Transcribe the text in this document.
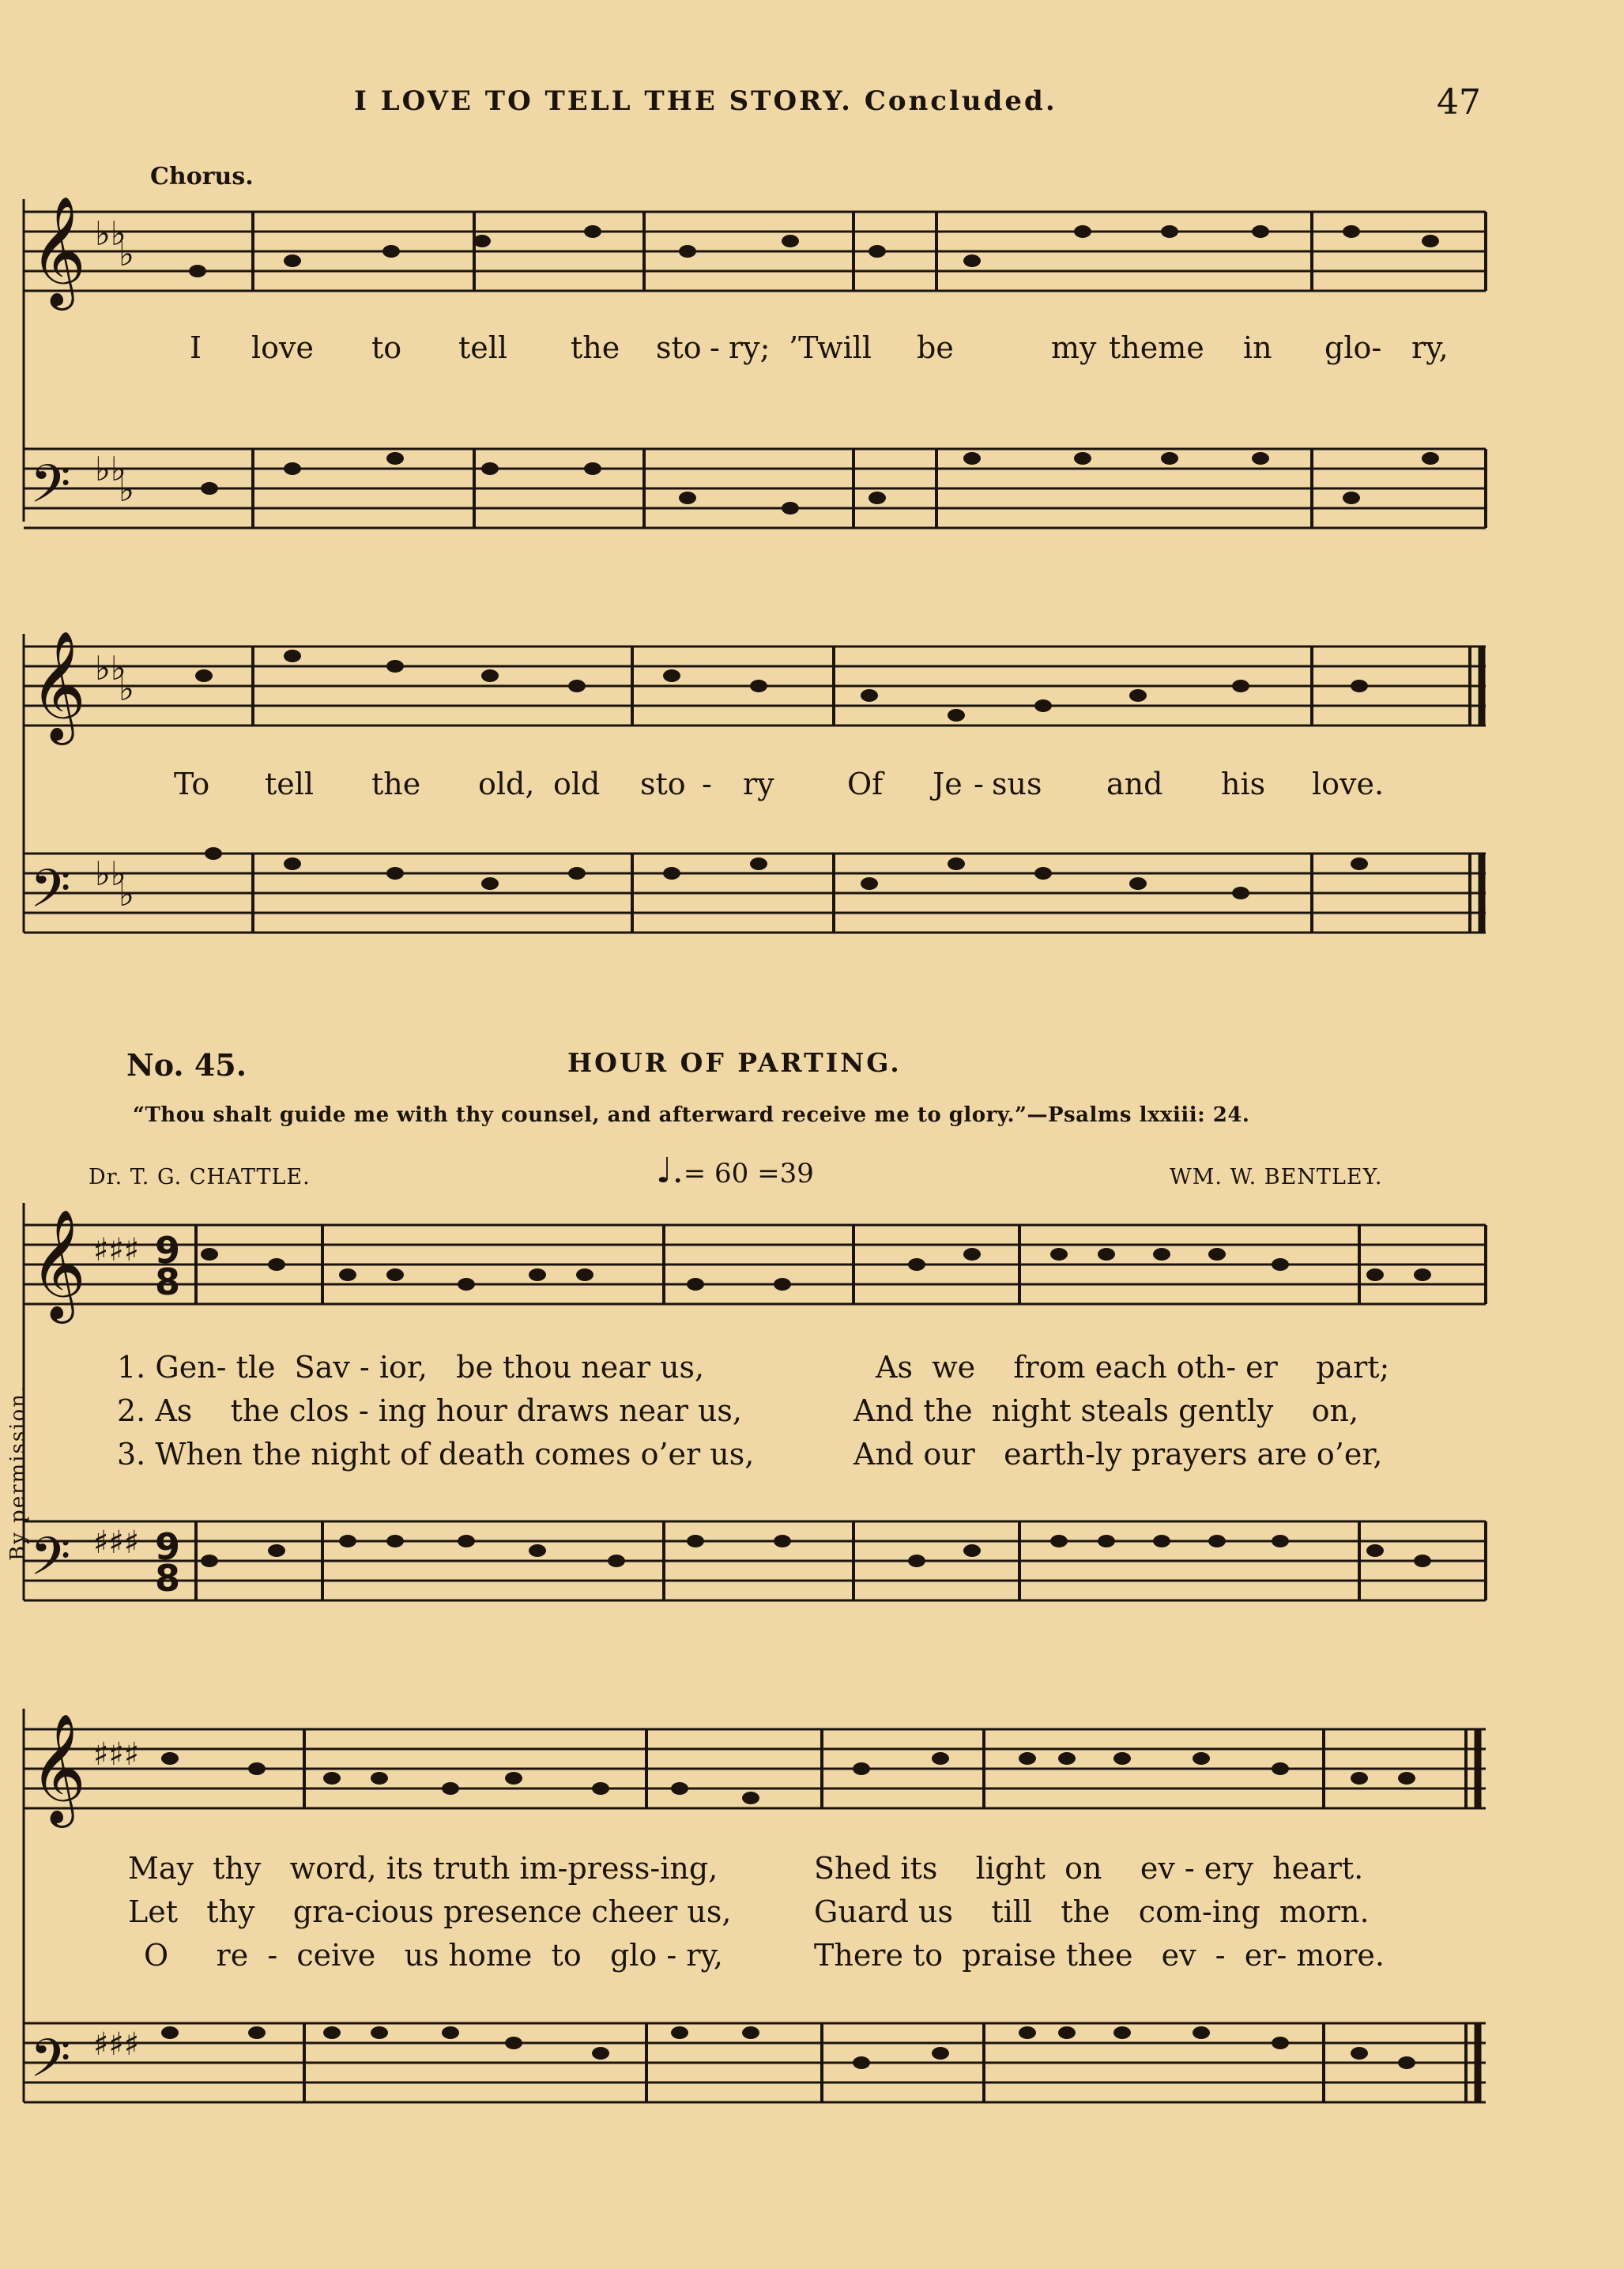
I LOVE TO TELL THE STORY. Concluded.	47
By permission.
Chorus.
𝄞
𝄢
♭♭
♭
♭♭
♭
I love to tell the sto - ry; ’Twill be	my theme in glo- ry,
𝄞
𝄢
♭♭
♭
♭♭
♭
To tell the old, old sto - ry Of Je - sus and his love.
No. 45.	HOUR OF PARTING.
“Thou shalt guide me with thy counsel, and afterward receive me to glory.”—Psalms lxxiii: 24.
Dr. T. G. CHATTLE.	♩.= 60 =39	WM. W. BENTLEY.
𝄞
𝄢
♯♯♯
♯♯♯
9
8
9
8
1. Gen- tle  Sav - ior,   be thou near us,	As  we    from each oth- er    part;
2. As    the clos - ing hour draws near us,	And the  night steals gently    on,
3. When the night of death comes o’er us,	And our   earth-ly prayers are o’er,
𝄞
𝄢
♯♯♯
♯♯♯
May  thy   word, its truth im-press-ing,	Shed its    light  on    ev - ery  heart.
Let   thy    gra-cious presence cheer us,	Guard us    till   the   com-ing  morn.
O     re  -  ceive   us home  to   glo - ry,	There to  praise thee   ev  -  er- more.
